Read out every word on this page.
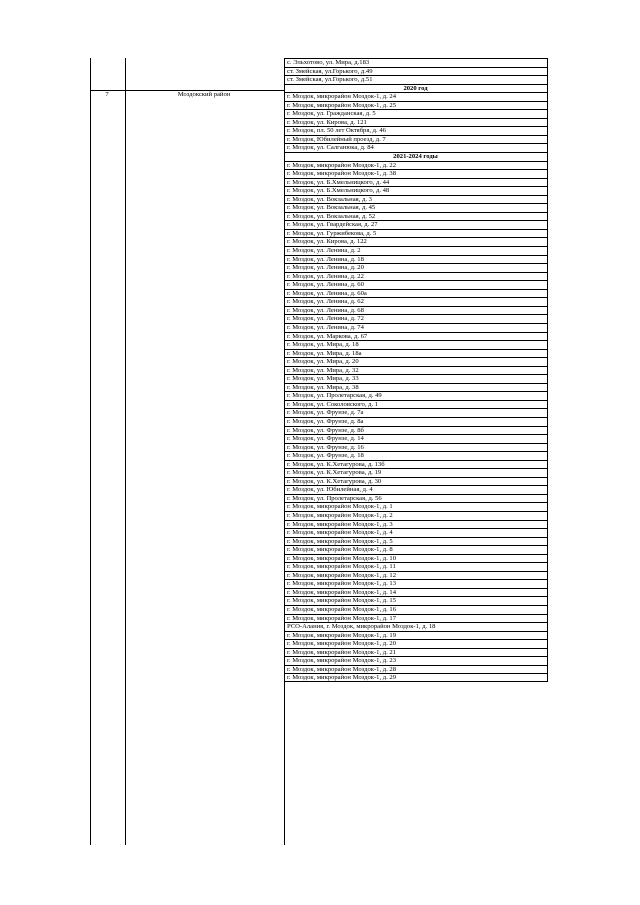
7	Моздокский район
с. Эльхотово, ул. Мира, д.183
ст. Змейская, ул.Горького, д.49
ст. Змейская, ул.Горького, д.51
2020 год
г. Моздок, микрорайон Моздок-1, д. 24
г. Моздок, микрорайон Моздок-1, д. 25
г. Моздок, ул. Гражданская, д. 5
г. Моздок, ул. Кирова, д. 121
г. Моздок, пл. 50 лет Октября, д. 46
г. Моздок, Юбилейный проезд, д. 7
г. Моздок, ул. Салганюка, д. 84
2021-2024 годы
г. Моздок, микрорайон Моздок-1, д. 22
г. Моздок, микрорайон Моздок-1, д. 38
г. Моздок, ул. Б.Хмельницкого, д. 44
г. Моздок, ул. Б.Хмельницкого, д. 48
г. Моздок, ул. Вокзальная, д. 3
г. Моздок, ул. Вокзальная, д. 45
г. Моздок, ул. Вокзальная, д. 52
г. Моздок, ул. Гвардейская, д. 27
г. Моздок, ул. Гуржибекова, д. 5
г. Моздок, ул. Кирова, д. 122
г. Моздок, ул. Ленина, д. 2
г. Моздок, ул. Ленина, д. 18
г. Моздок, ул. Ленина, д. 20
г. Моздок, ул. Ленина, д. 22
г. Моздок, ул. Ленина, д. 60
г. Моздок, ул. Ленина, д. 60а
г. Моздок, ул. Ленина, д. 62
г. Моздок, ул. Ленина, д. 68
г. Моздок, ул. Ленина, д. 72
г. Моздок, ул. Ленина, д. 74
г. Моздок, ул. Маркова, д. 67
г. Моздок, ул. Мира, д. 18
г. Моздок, ул. Мира, д. 18а
г. Моздок, ул. Мира, д. 20
г. Моздок, ул. Мира, д. 32
г. Моздок, ул. Мира, д. 33
г. Моздок, ул. Мира, д. 38
г. Моздок, ул. Пролетарская, д. 49
г. Моздок, ул. Соколовского, д. 1
г. Моздок, ул. Фрунзе, д. 7а
г. Моздок, ул. Фрунзе, д. 8а
г. Моздок, ул. Фрунзе, д. 8б
г. Моздок, ул. Фрунзе, д. 14
г. Моздок, ул. Фрунзе, д. 16
г. Моздок, ул. Фрунзе, д. 18
г. Моздок, ул. К.Хетагурова, д. 13б
г. Моздок, ул. К.Хетагурова, д. 19
г. Моздок, ул. К.Хетагурова, д. 30
г. Моздок, ул. Юбилейная, д. 4
г. Моздок, ул. Пролетарская, д. 56
г. Моздок, микрорайон Моздок-1, д. 1
г. Моздок, микрорайон Моздок-1, д. 2
г. Моздок, микрорайон Моздок-1, д. 3
г. Моздок, микрорайон Моздок-1, д. 4
г. Моздок, микрорайон Моздок-1, д. 5
г. Моздок, микрорайон Моздок-1, д. 8
г. Моздок, микрорайон Моздок-1, д. 10
г. Моздок, микрорайон Моздок-1, д. 11
г. Моздок, микрорайон Моздок-1, д. 12
г. Моздок, микрорайон Моздок-1, д. 13
г. Моздок, микрорайон Моздок-1, д. 14
г. Моздок, микрорайон Моздок-1, д. 15
г. Моздок, микрорайон Моздок-1, д. 16
г. Моздок, микрорайон Моздок-1, д. 17
РСО-Алания, г. Моздок, микрорайон Моздок-1, д. 18
г. Моздок, микрорайон Моздок-1, д. 19
г. Моздок, микрорайон Моздок-1, д. 20
г. Моздок, микрорайон Моздок-1, д. 21
г. Моздок, микрорайон Моздок-1, д. 23
г. Моздок, микрорайон Моздок-1, д. 28
г. Моздок, микрорайон Моздок-1, д. 29
